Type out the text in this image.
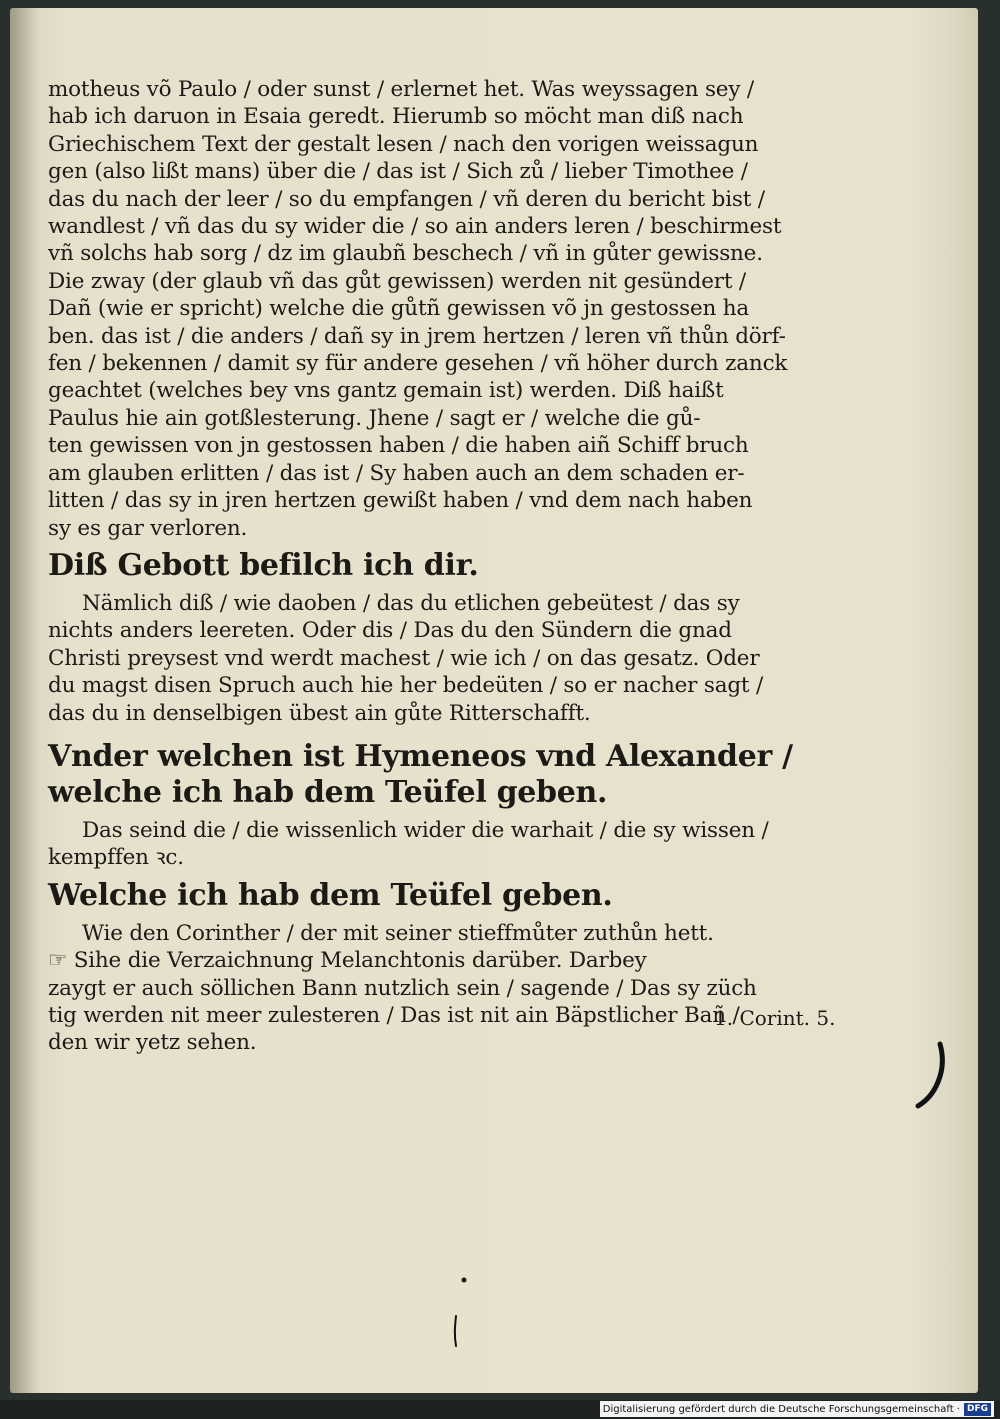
motheus võ Paulo / oder sunst / erlernet het. Was weyssagen sey /
hab ich daruon in Esaia geredt. Hierumb so möcht man diß nach
Griechischem Text der gestalt lesen / nach den vorigen weissagun
gen (also lißt mans) über die / das ist / Sich zů / lieber Timothee /
das du nach der leer / so du empfangen / vñ deren du bericht bist /
wandlest / vñ das du sy wider die / so ain anders leren / beschirmest
vñ solchs hab sorg / dz im glaubñ beschech / vñ in gůter gewissne.
Die zway (der glaub vñ das gůt gewissen) werden nit gesündert /
Dañ (wie er spricht) welche die gůtñ gewissen võ jn gestossen ha
ben. das ist / die anders / dañ sy in jrem hertzen / leren vñ thůn dörf-
fen / bekennen / damit sy für andere gesehen / vñ höher durch zanck
geachtet (welches bey vns gantz gemain ist) werden. Diß haißt
Paulus hie ain gotßlesterung. Jhene / sagt er / welche die gů-
ten gewissen von jn gestossen haben / die haben aiñ Schiff bruch
am glauben erlitten / das ist / Sy haben auch an dem schaden er-
litten / das sy in jren hertzen gewißt haben / vnd dem nach haben
sy es gar verloren.
Diß Gebott befilch ich dir.
Nämlich diß / wie daoben / das du etlichen gebeütest / das sy
nichts anders leereten. Oder dis / Das du den Sündern die gnad
Christi preysest vnd werdt machest / wie ich / on das gesatz. Oder
du magst disen Spruch auch hie her bedeüten / so er nacher sagt /
das du in denselbigen übest ain gůte Ritterschafft.
Vnder welchen ist Hymeneos vnd Alexander /
welche ich hab dem Teüfel geben.
Das seind die / die wissenlich wider die warhait / die sy wissen /
kempffen ꝛc.
Welche ich hab dem Teüfel geben.
Wie den Corinther / der mit seiner stieffmůter zuthůn hett.
☞ Sihe die Verzaichnung Melanchtonis darüber. Darbey
zaygt er auch söllichen Bann nutzlich sein / sagende / Das sy züch
tig werden nit meer zulesteren / Das ist nit ain Bäpstlicher Bañ /
den wir yetz sehen.
1. Corint. 5.
Digitalisierung gefördert durch die Deutsche Forschungsgemeinschaft · DFG
